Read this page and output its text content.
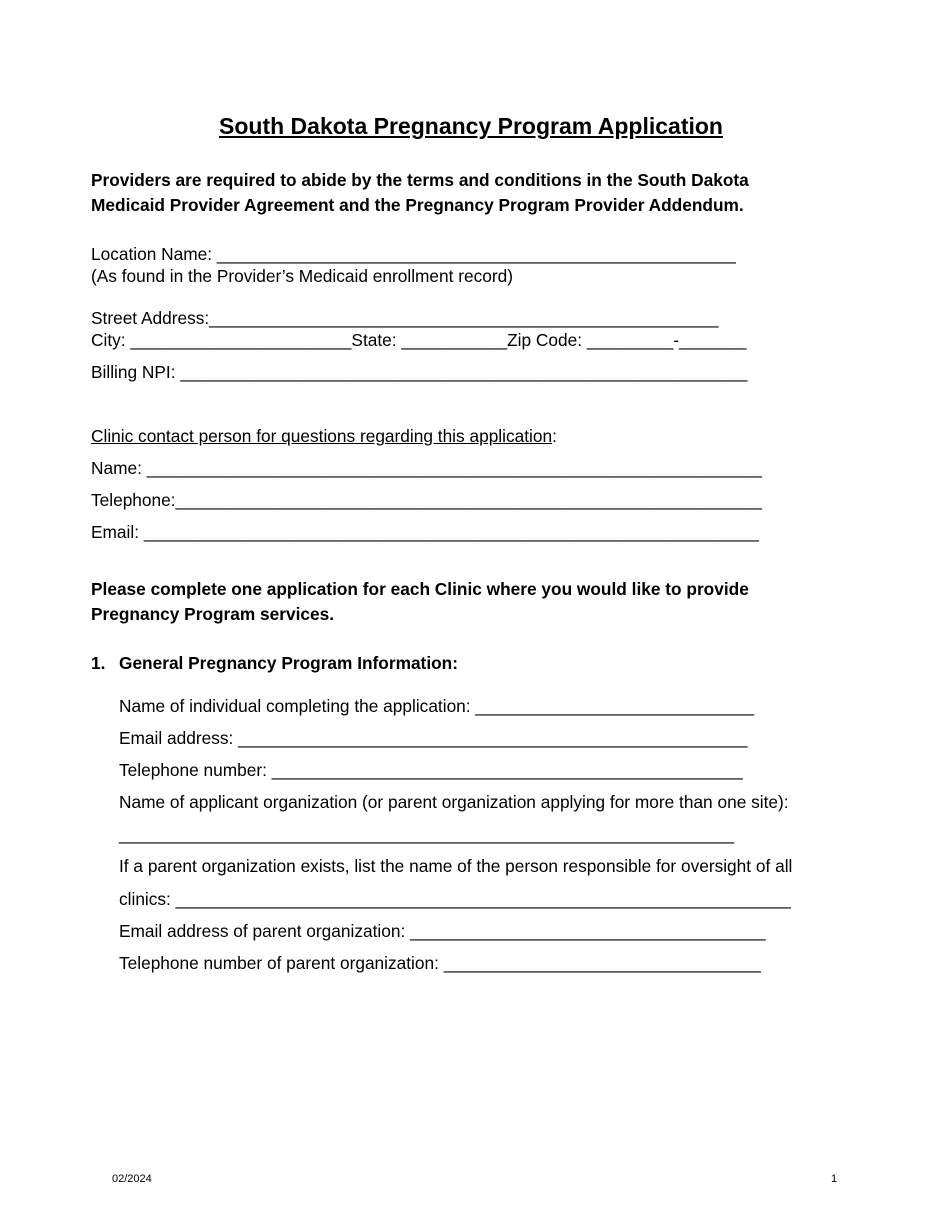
South Dakota Pregnancy Program Application
Providers are required to abide by the terms and conditions in the South Dakota
Medicaid Provider Agreement and the Pregnancy Program Provider Addendum.
Location Name: ______________________________________________________
(As found in the Provider’s Medicaid enrollment record)
Street Address:_____________________________________________________
City: _______________________State: ___________Zip Code: _________-_______
Billing NPI: ___________________________________________________________
Clinic contact person for questions regarding this application:
Name: ________________________________________________________________
Telephone:_____________________________________________________________
Email: ________________________________________________________________
Please complete one application for each Clinic where you would like to provide
Pregnancy Program services.
1. General Pregnancy Program Information:
Name of individual completing the application: _____________________________
Email address: _____________________________________________________
Telephone number: _________________________________________________
Name of applicant organization (or parent organization applying for more than one site):
________________________________________________________________
If a parent organization exists, list the name of the person responsible for oversight of all
clinics: ________________________________________________________________
Email address of parent organization: _____________________________________
Telephone number of parent organization: _________________________________
02/2024	1
